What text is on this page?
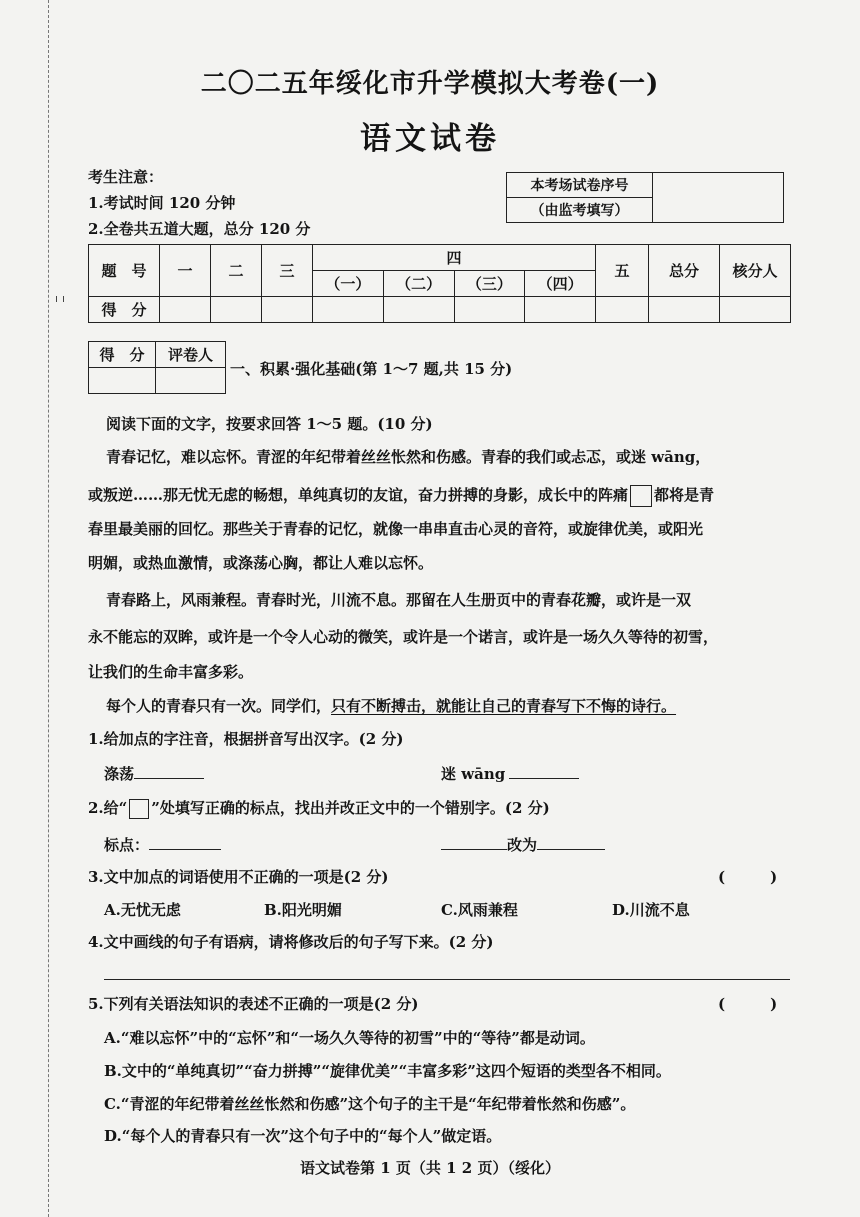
二〇二五年绥化市升学模拟大考卷(一)
语文试卷
考生注意：
1.考试时间 120 分钟
2.全卷共五道大题，总分 120 分
本考场试卷序号	
（由监考填写）
题　号	一	二	三	四				五	总分	核分人
				（一）	（二）	（三）	（四）			
得　分										
得　分	评卷人

一、积累·强化基础(第 1～7 题,共 15 分)
阅读下面的文字，按要求回答 1～5 题。(10 分)
青春记忆，难以忘怀。青涩的年纪带着丝丝怅然和伤感。青春的我们或忐忑，或迷 wāng，
或叛逆……那无忧无虑的畅想，单纯真切的友谊，奋力拼搏的身影，成长中的阵痛 都将是青
春里最美丽的回忆。那些关于青春的记忆，就像一串串直击心灵的音符，或旋律优美，或阳光
明媚，或热血激情，或涤荡心胸，都让人难以忘怀。
青春路上，风雨兼程。青春时光，川流不息。那留在人生册页中的青春花瓣，或许是一双
永不能忘的双眸，或许是一个令人心动的微笑，或许是一个诺言，或许是一场久久等待的初雪，
让我们的生命丰富多彩。
每个人的青春只有一次。同学们，只有不断搏击，就能让自己的青春写下不悔的诗行。
1.给加点的字注音，根据拼音写出汉字。(2 分)
涤荡	迷 wāng
2.给“ ”处填写正确的标点，找出并改正文中的一个错别字。(2 分)
标点：	改为
3.文中加点的词语使用不正确的一项是(2 分)	(　　　)
A.无忧无虑	B.阳光明媚	C.风雨兼程	D.川流不息
4.文中画线的句子有语病，请将修改后的句子写下来。(2 分)
5.下列有关语法知识的表述不正确的一项是(2 分)	(　　　)
A.“难以忘怀”中的“忘怀”和“一场久久等待的初雪”中的“等待”都是动词。
B.文中的“单纯真切”“奋力拼搏”“旋律优美”“丰富多彩”这四个短语的类型各不相同。
C.“青涩的年纪带着丝丝怅然和伤感”这个句子的主干是“年纪带着怅然和伤感”。
D.“每个人的青春只有一次”这个句子中的“每个人”做定语。
语文试卷第 1 页（共 1 2 页）（绥化）
